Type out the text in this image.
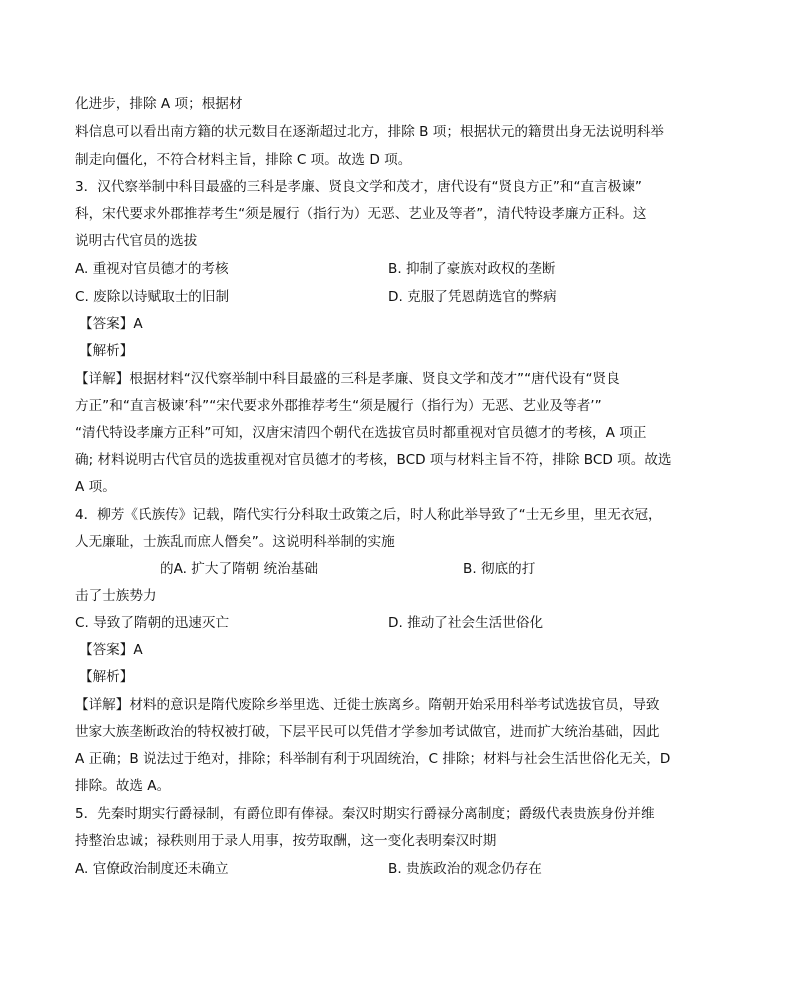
化进步，排除 A 项；根据材
料信息可以看出南方籍的状元数目在逐渐超过北方，排除 B 项；根据状元的籍贯出身无法说明科举
制走向僵化，不符合材料主旨，排除 C 项。故选 D 项。
3．汉代察举制中科目最盛的三科是孝廉、贤良文学和茂才，唐代设有“贤良方正”和“直言极谏”
科，宋代要求外郡推荐考生“须是履行（指行为）无恶、艺业及等者”，清代特设孝廉方正科。这
说明古代官员的选拔
A. 重视对官员德才的考核	B. 抑制了豪族对政权的垄断
C. 废除以诗赋取士的旧制	D. 克服了凭恩荫选官的弊病
【答案】A
【解析】
【详解】根据材料“汉代察举制中科目最盛的三科是孝廉、贤良文学和茂才”“唐代设有“贤良
方正”和“直言极谏’科”“宋代要求外郡推荐考生“须是履行（指行为）无恶、艺业及等者’”
“清代特设孝廉方正科”可知，汉唐宋清四个朝代在选拔官员时都重视对官员德才的考核，A 项正
确; 材料说明古代官员的选拔重视对官员德才的考核，BCD 项与材料主旨不符，排除 BCD 项。故选
A 项。
4．柳芳《氏族传》记载，隋代实行分科取士政策之后，时人称此举导致了“士无乡里，里无衣冠，
人无廉耻，士族乱而庶人僭矣”。这说明科举制的实施
的A. 扩大了隋朝 统治基础	B. 彻底的打
击了士族势力
C. 导致了隋朝的迅速灭亡	D. 推动了社会生活世俗化
【答案】A
【解析】
【详解】材料的意识是隋代废除乡举里选、迁徙士族离乡。隋朝开始采用科举考试选拔官员，导致
世家大族垄断政治的特权被打破，下层平民可以凭借才学参加考试做官，进而扩大统治基础，因此
A 正确；B 说法过于绝对，排除；科举制有利于巩固统治，C 排除；材料与社会生活世俗化无关，D
排除。故选 A。
5．先秦时期实行爵禄制，有爵位即有俸禄。秦汉时期实行爵禄分离制度；爵级代表贵族身份并维
持整治忠诚；禄秩则用于录人用事，按劳取酬，这一变化表明秦汉时期
A. 官僚政治制度还未确立	B. 贵族政治的观念仍存在
